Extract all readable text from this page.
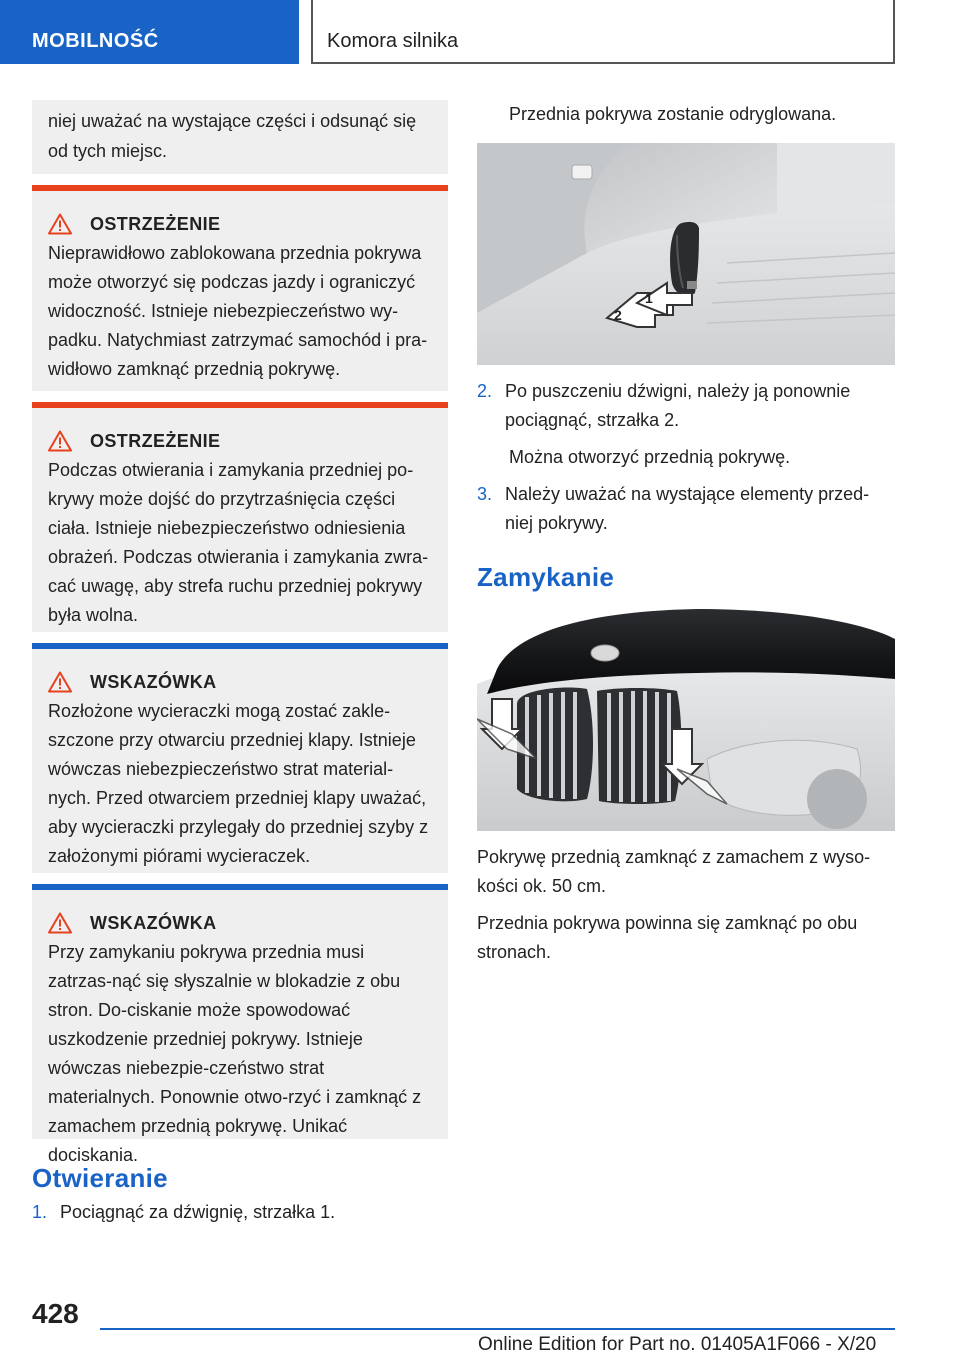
MOBILNOŚĆ	Komora silnika
niej uważać na wystające części i odsunąć się od tych miejsc.
OSTRZEŻENIE
Nieprawidłowo zablokowana przednia pokrywa może otworzyć się podczas jazdy i ograniczyć widoczność. Istnieje niebezpieczeństwo wy-padku. Natychmiast zatrzymać samochód i pra-widłowo zamknąć przednią pokrywę.
OSTRZEŻENIE
Podczas otwierania i zamykania przedniej po-krywy może dojść do przytrzaśnięcia części ciała. Istnieje niebezpieczeństwo odniesienia obrażeń. Podczas otwierania i zamykania zwra-cać uwagę, aby strefa ruchu przedniej pokrywy była wolna.
WSKAZÓWKA
Rozłożone wycieraczki mogą zostać zakle-szczone przy otwarciu przedniej klapy. Istnieje wówczas niebezpieczeństwo strat material-nych. Przed otwarciem przedniej klapy uważać, aby wycieraczki przylegały do przedniej szyby z założonymi piórami wycieraczek.
WSKAZÓWKA
Przy zamykaniu pokrywa przednia musi zatrzas-nąć się słyszalnie w blokadzie z obu stron. Do-ciskanie może spowodować uszkodzenie przedniej pokrywy. Istnieje wówczas niebezpie-czeństwo strat materialnych. Ponownie otwo-rzyć i zamknąć z zamachem przednią pokrywę. Unikać dociskania.
Otwieranie
1. Pociągnąć za dźwignię, strzałka 1.
Przednia pokrywa zostanie odryglowana.
2
1
2. Po puszczeniu dźwigni, należy ją ponownie pociągnąć, strzałka 2.
Można otworzyć przednią pokrywę.
3. Należy uważać na wystające elementy przed-niej pokrywy.
Zamykanie
Pokrywę przednią zamknąć z zamachem z wyso-kości ok. 50 cm.
Przednia pokrywa powinna się zamknąć po obu stronach.
428
Online Edition for Part no. 01405A1F066 - X/20
